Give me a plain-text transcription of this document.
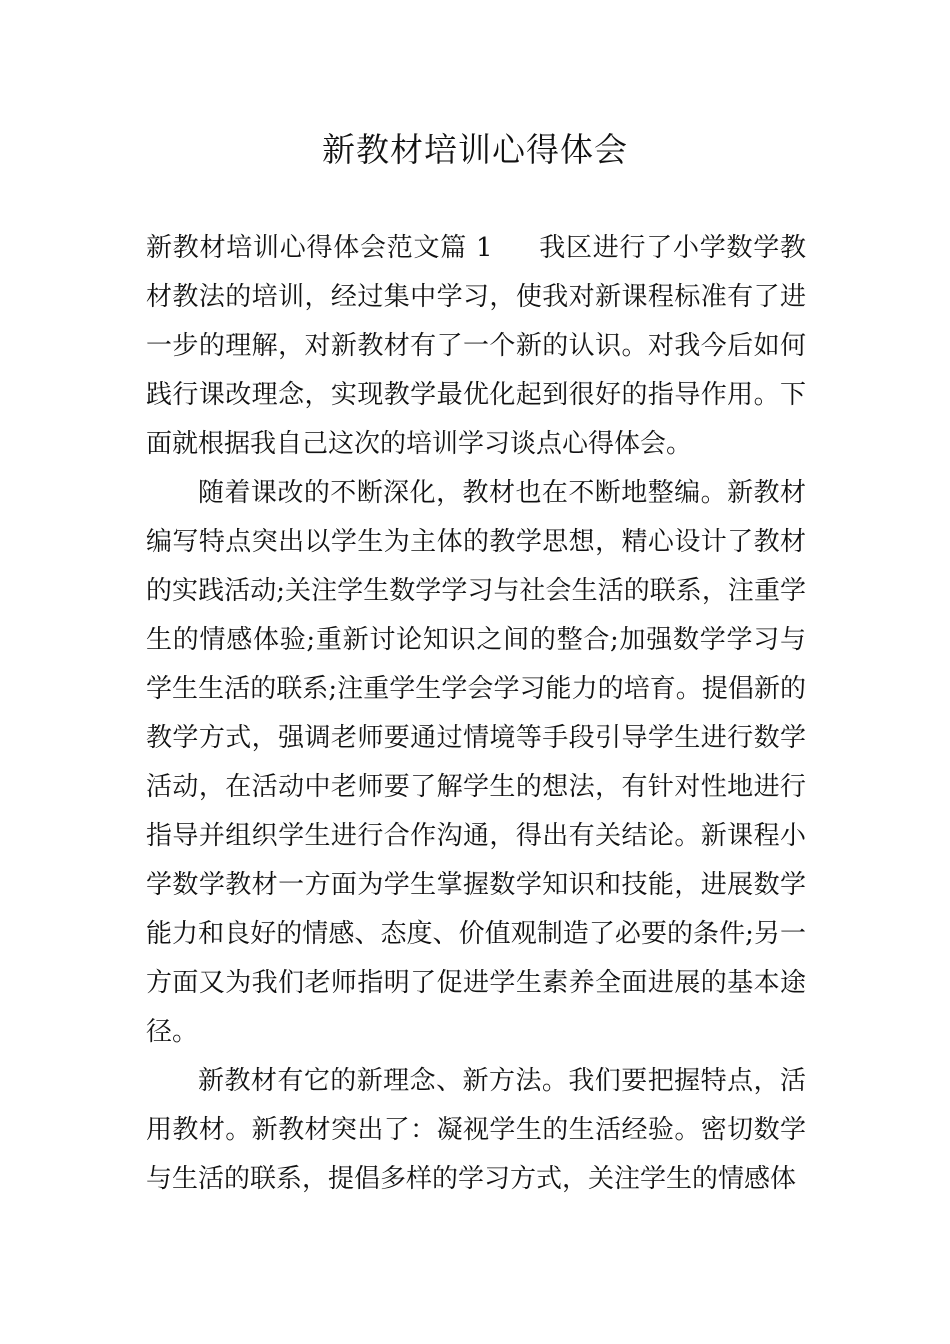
新教材培训心得体会

新教材培训心得体会范文篇 1 我区进行了小学数学教材教法的培训，经过集中学习，使我对新课程标准有了进一步的理解，对新教材有了一个新的认识。对我今后如何践行课改理念，实现教学最优化起到很好的指导作用。下面就根据我自己这次的培训学习谈点心得体会。

随着课改的不断深化，教材也在不断地整编。新教材编写特点突出以学生为主体的教学思想，精心设计了教材的实践活动;关注学生数学学习与社会生活的联系，注重学生的情感体验;重新讨论知识之间的整合;加强数学学习与学生生活的联系;注重学生学会学习能力的培育。提倡新的教学方式，强调老师要通过情境等手段引导学生进行数学活动，在活动中老师要了解学生的想法，有针对性地进行指导并组织学生进行合作沟通，得出有关结论。新课程小学数学教材一方面为学生掌握数学知识和技能，进展数学能力和良好的情感、态度、价值观制造了必要的条件;另一方面又为我们老师指明了促进学生素养全面进展的基本途径。

新教材有它的新理念、新方法。我们要把握特点，活用教材。新教材突出了：凝视学生的生活经验。密切数学与生活的联系，提倡多样的学习方式，关注学生的情感体
